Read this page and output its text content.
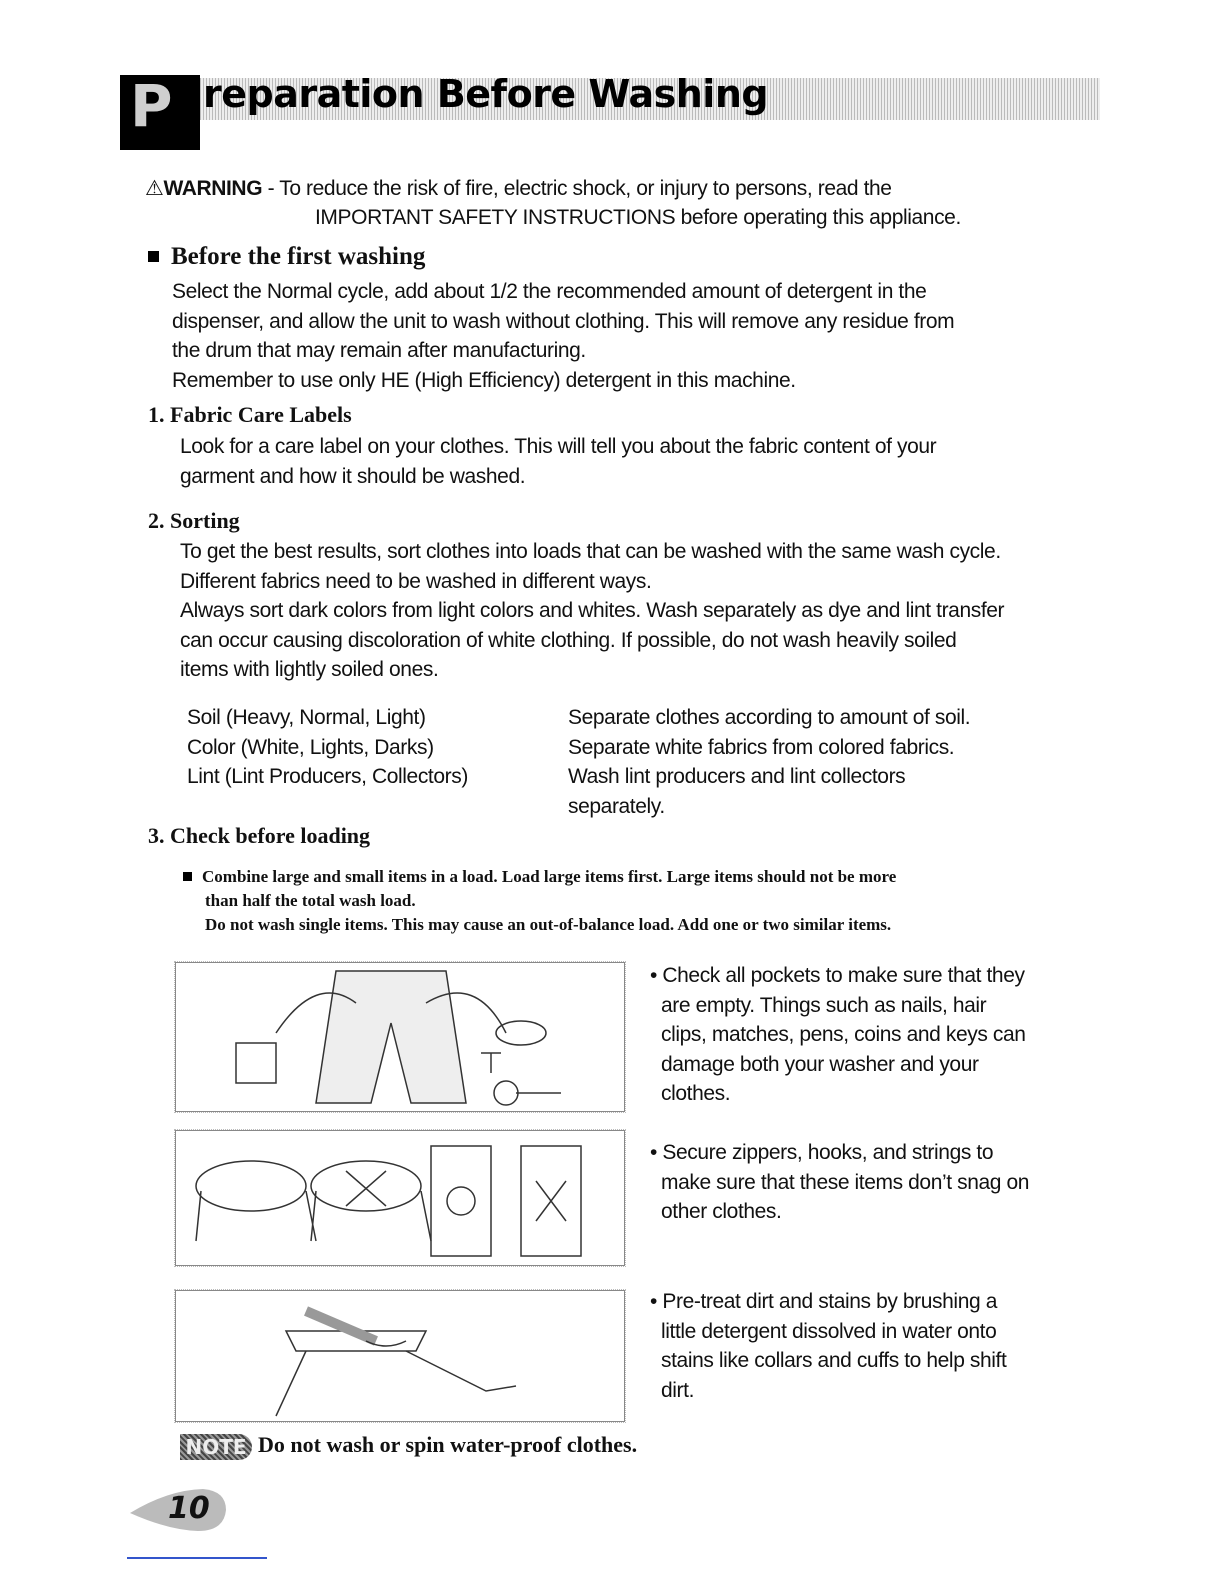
P reparation Before Washing
⚠WARNING - To reduce the risk of fire, electric shock, or injury to persons, read the
IMPORTANT SAFETY INSTRUCTIONS before operating this appliance.
Before the first washing

Select the Normal cycle, add about 1/2 the recommended amount of detergent in the

dispenser, and allow the unit to wash without clothing. This will remove any residue from

the drum that may remain after manufacturing.

Remember to use only HE (High Efficiency) detergent in this machine.

1. Fabric Care Labels

Look for a care label on your clothes. This will tell you about the fabric content of your

garment and how it should be washed.

2. Sorting

To get the best results, sort clothes into loads that can be washed with the same wash cycle.

Different fabrics need to be washed in different ways.

Always sort dark colors from light colors and whites. Wash separately as dye and lint transfer

can occur causing discoloration of white clothing. If possible, do not wash heavily soiled

items with lightly soiled ones.

Soil (Heavy, Normal, Light)

Color (White, Lights, Darks)

Lint (Lint Producers, Collectors)

Separate clothes according to amount of soil.

Separate white fabrics from colored fabrics.

Wash lint producers and lint collectors

separately.

3. Check before loading

Combine large and small items in a load. Load large items first. Large items should not be more

than half the total wash load.

Do not wash single items. This may cause an out-of-balance load. Add one or two similar items.

• Check all pockets to make sure that they

are empty. Things such as nails, hair

clips, matches, pens, coins and keys can

damage both your washer and your

clothes.

• Secure zippers, hooks, and strings to

make sure that these items don’t snag on

other clothes.

• Pre-treat dirt and stains by brushing a

little detergent dissolved in water onto

stains like collars and cuffs to help shift

dirt.

NOTE Do not wash or spin water-proof clothes.
10
